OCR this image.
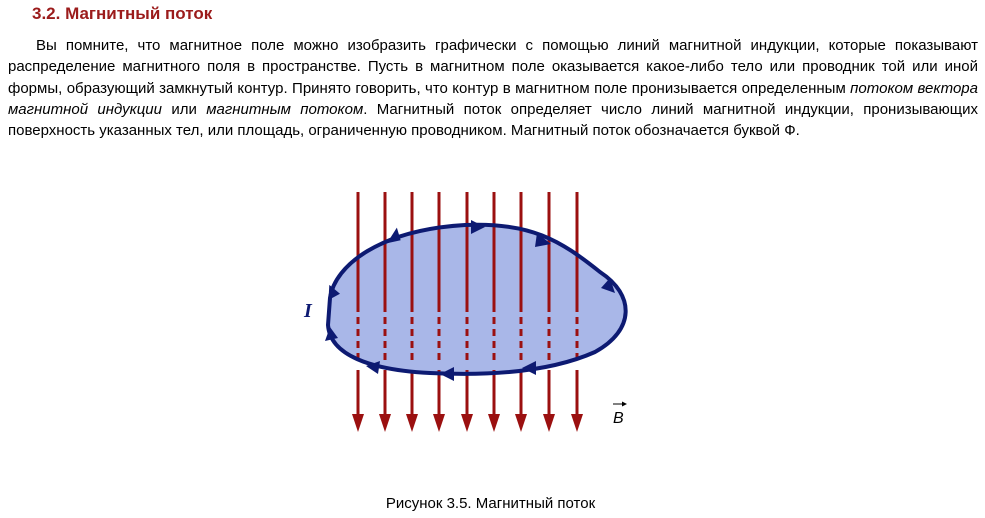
3.2. Магнитный поток

Вы помните, что магнитное поле можно изобразить графически с помощью линий магнитной индукции, которые показывают распределение магнитного поля в пространстве. Пусть в магнитном поле оказывается какое-либо тело или проводник той или иной формы, образующий замкнутый контур. Принято говорить, что контур в магнитном поле пронизывается определенным потоком вектора магнитной индукции или магнитным потоком. Магнитный поток определяет число линий магнитной индукции, пронизывающих поверхность указанных тел, или площадь, ограниченную проводником. Магнитный поток обозначается буквой Ф.

I
B
Рисунок 3.5. Магнитный поток
